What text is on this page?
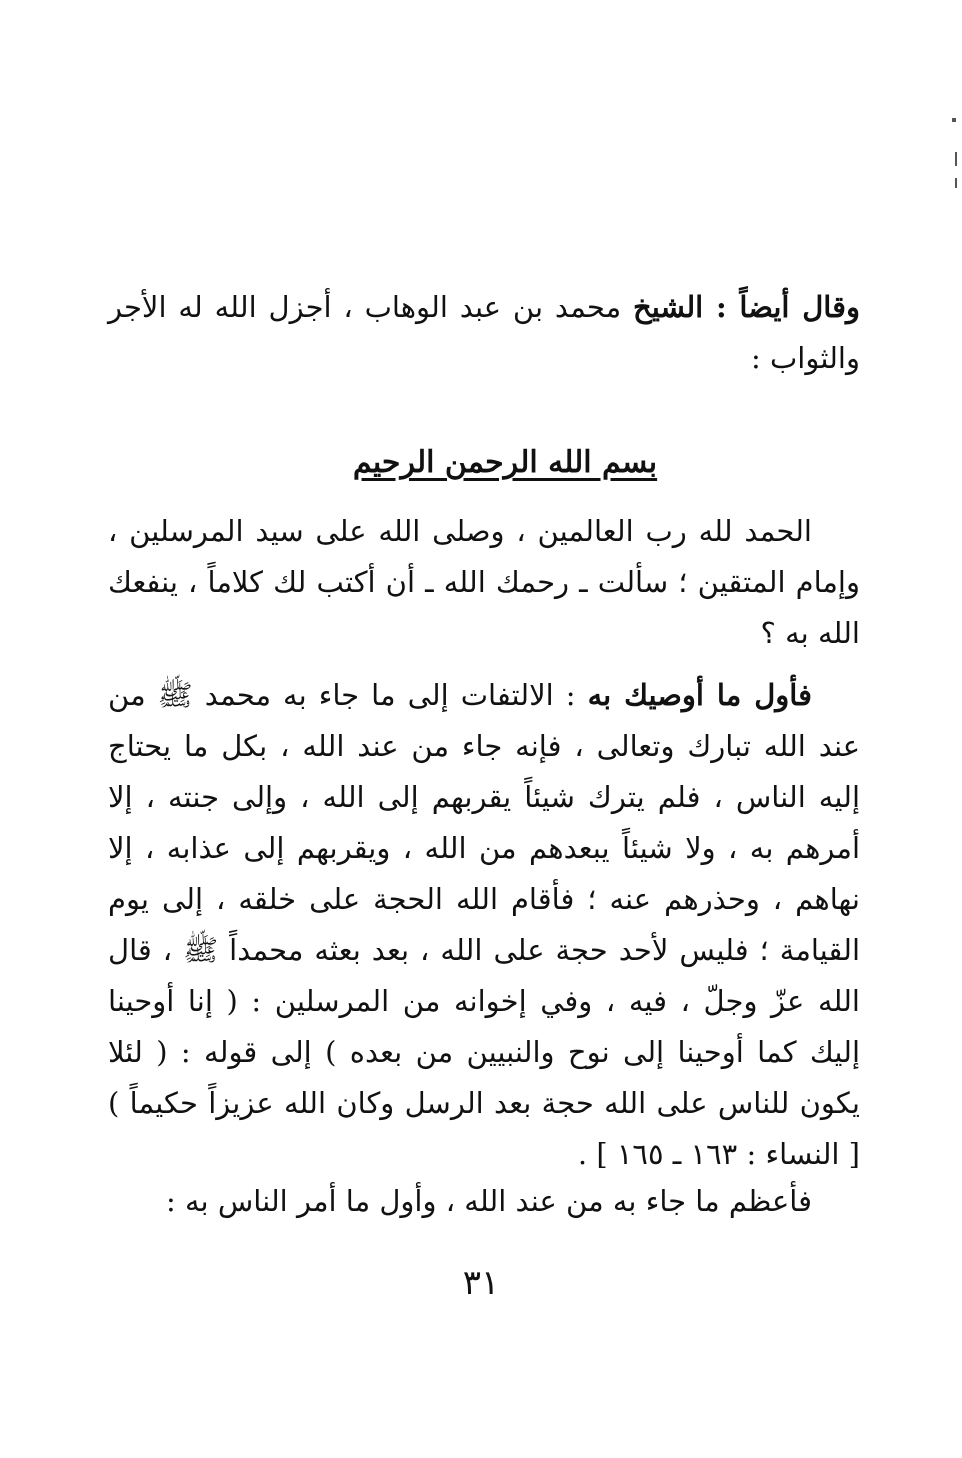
وقال أيضاً : الشيخ محمد بن عبد الوهاب ، أجزل الله له الأجر والثواب :
بسم الله الرحمن الرحيم
الحمد لله رب العالمين ، وصلى الله على سيد المرسلين ، وإمام المتقين ؛ سألت ـ رحمك الله ـ أن أكتب لك كلاماً ، ينفعك الله به ؟
فأول ما أوصيك به : الالتفات إلى ما جاء به محمد ﷺ من عند الله تبارك وتعالى ، فإنه جاء من عند الله ، بكل ما يحتاج إليه الناس ، فلم يترك شيئاً يقربهم إلى الله ، وإلى جنته ، إلا أمرهم به ، ولا شيئاً يبعدهم من الله ، ويقربهم إلى عذابه ، إلا نهاهم ، وحذرهم عنه ؛ فأقام الله الحجة على خلقه ، إلى يوم القيامة ؛ فليس لأحد حجة على الله ، بعد بعثه محمداً ﷺ ، قال الله عزّ وجلّ ، فيه ، وفي إخوانه من المرسلين : ( إنا أوحينا إليك كما أوحينا إلى نوح والنبيين من بعده ) إلى قوله : ( لئلا يكون للناس على الله حجة بعد الرسل وكان الله عزيزاً حكيماً ) [ النساء : ١٦٣ ـ ١٦٥ ] .
فأعظم ما جاء به من عند الله ، وأول ما أمر الناس به :
٣١
